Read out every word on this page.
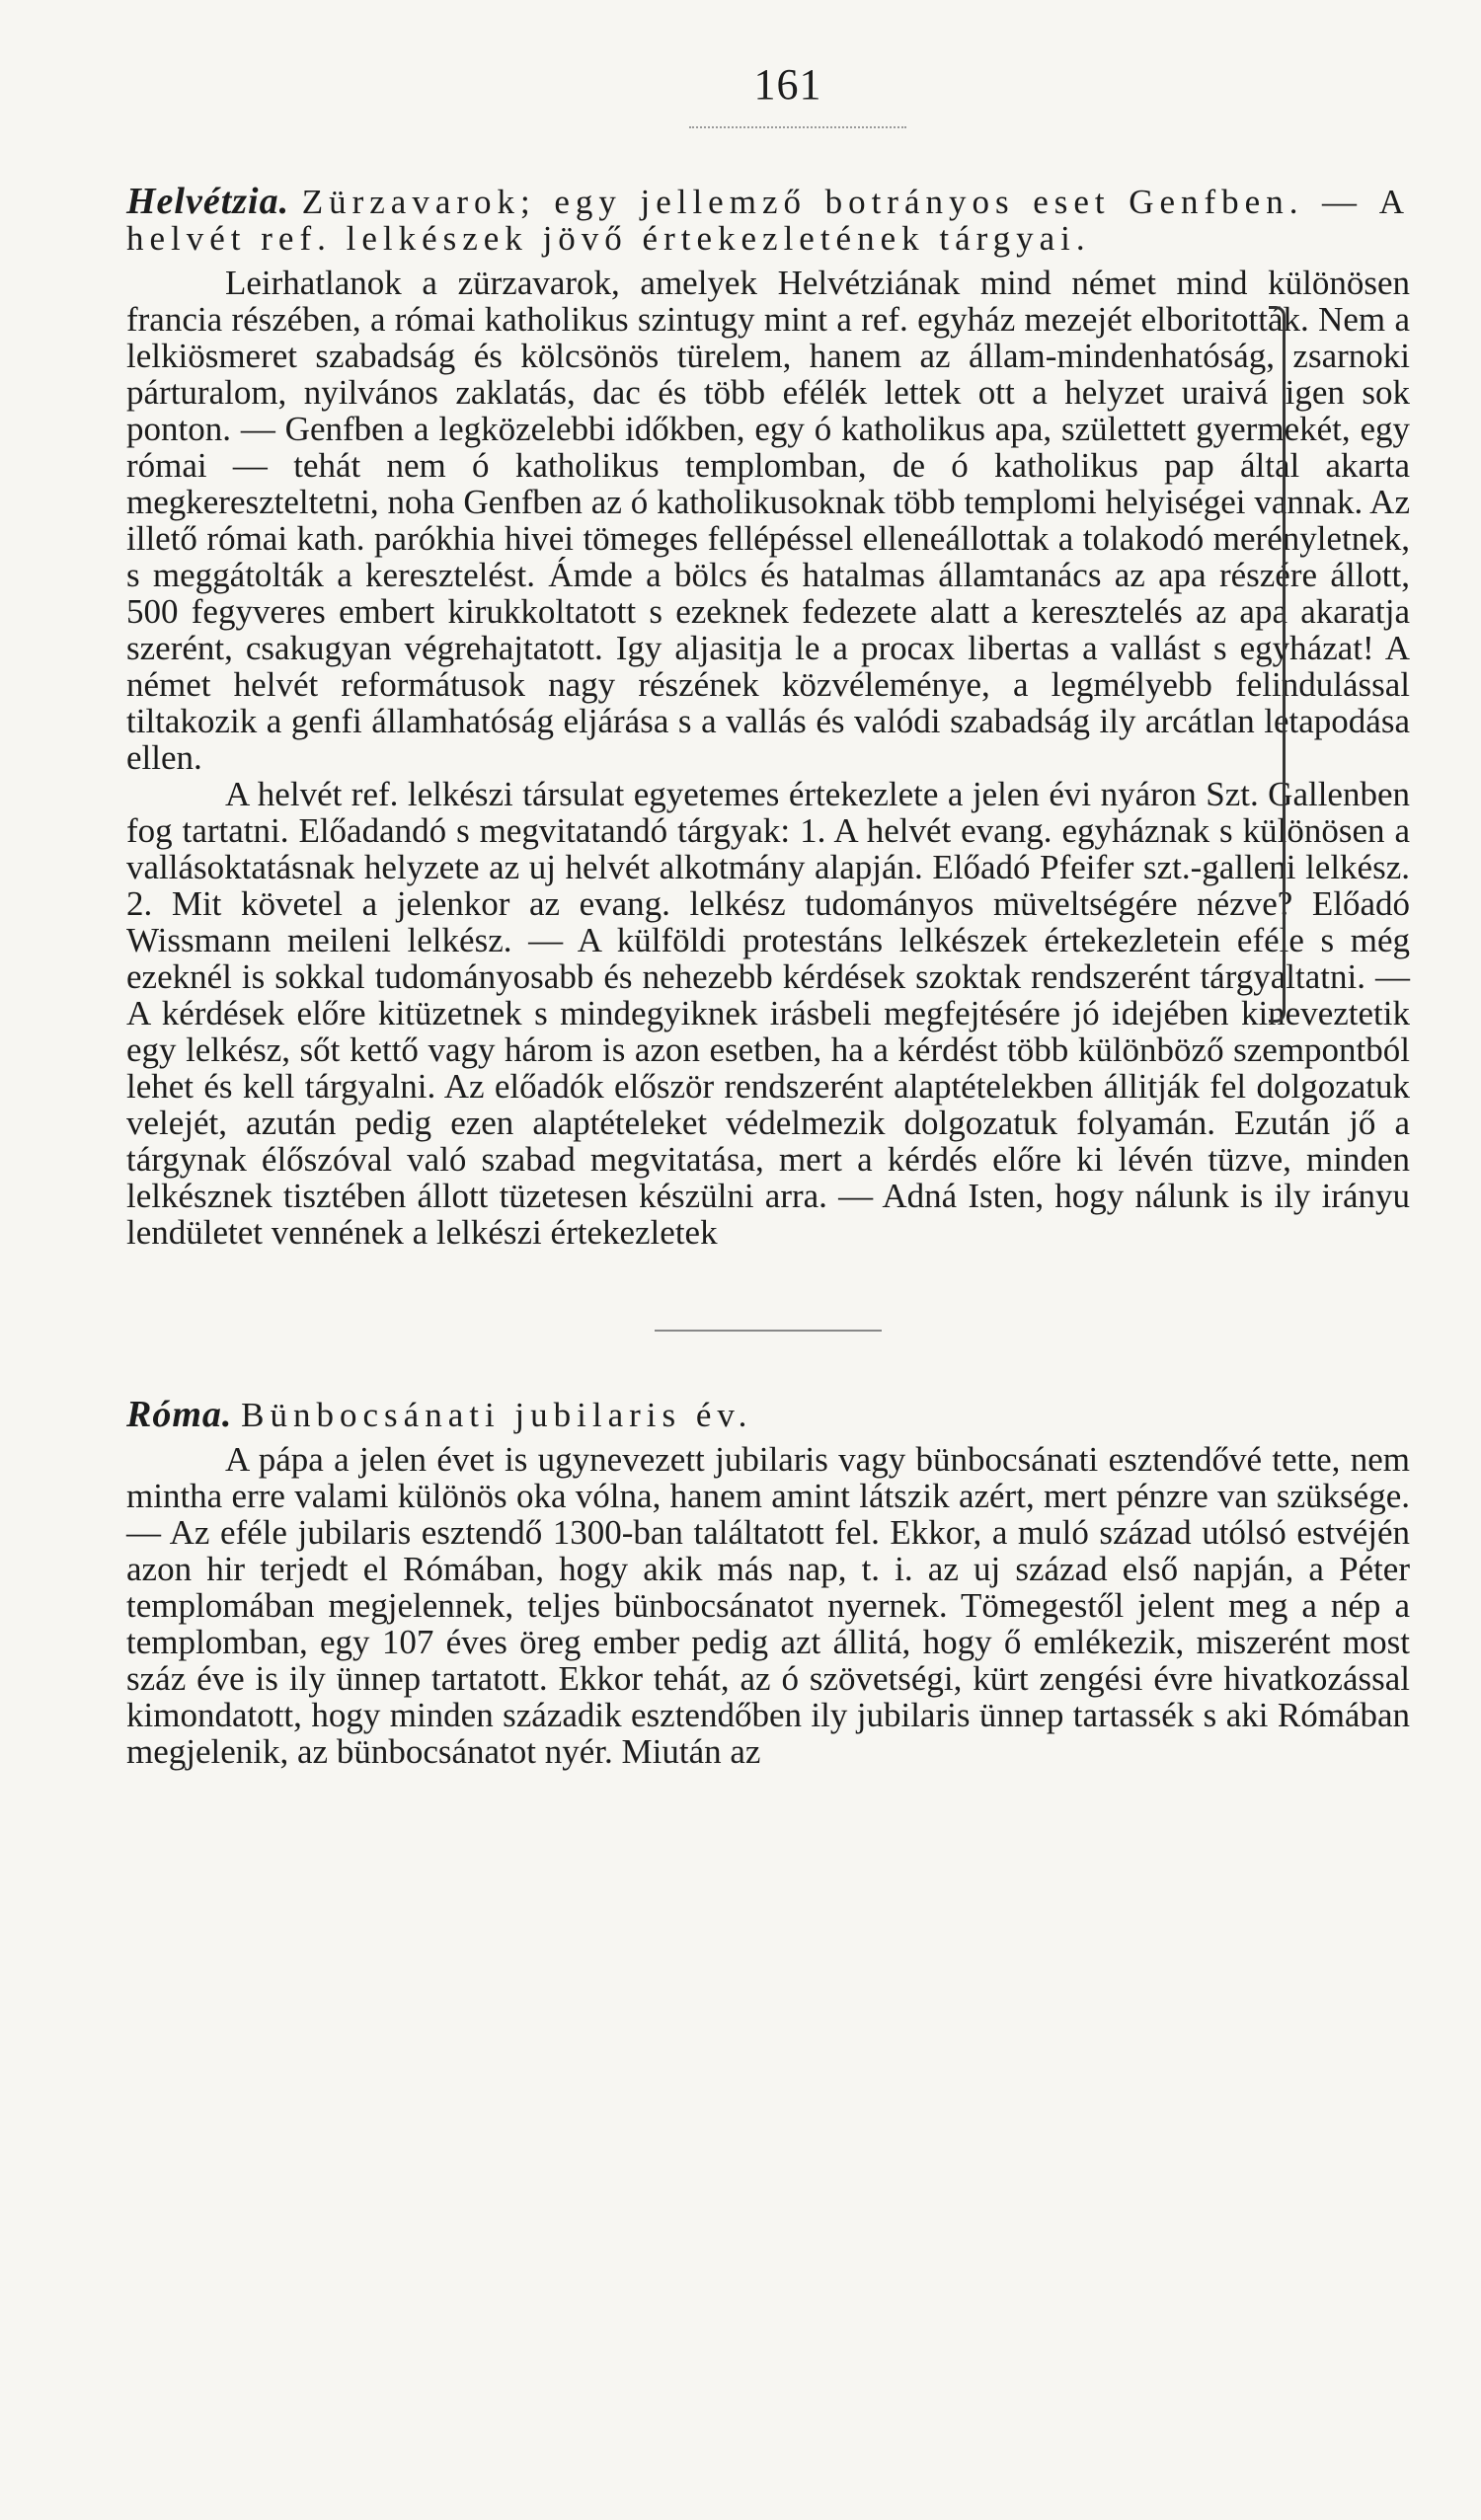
161

Helvétzia. Zürzavarok; egy jellemző botrányos eset Genfben. — A helvét ref. lelkészek jövő értekezletének tárgyai.

Leirhatlanok a zürzavarok, amelyek Helvétziának mind német mind különösen francia részében, a római katholikus szintugy mint a ref. egyház mezejét elboritották. Nem a lelkiösmeret szabadság és kölcsönös türelem, hanem az állam-mindenhatóság, zsarnoki párturalom, nyilvános zaklatás, dac és több efélék lettek ott a helyzet uraivá igen sok ponton. — Genfben a legközelebbi időkben, egy ó katholikus apa, születtett gyermekét, egy római — tehát nem ó katholikus templomban, de ó katholikus pap által akarta megkereszteltetni, noha Genfben az ó katholikusoknak több templomi helyiségei vannak. Az illető római kath. parókhia hivei tömeges fellépéssel elleneállottak a tolakodó merényletnek, s meggátolták a keresztelést. Ámde a bölcs és hatalmas államtanács az apa részére állott, 500 fegyveres embert kirukkoltatott s ezeknek fedezete alatt a keresztelés az apa akaratja szerént, csakugyan végrehajtatott. Igy aljasitja le a procax libertas a vallást s egyházat! A német helvét reformátusok nagy részének közvéleménye, a legmélyebb felindulással tiltakozik a genfi államhatóság eljárása s a vallás és valódi szabadság ily arcátlan letapodása ellen.

A helvét ref. lelkészi társulat egyetemes értekezlete a jelen évi nyáron Szt. Gallenben fog tartatni. Előadandó s megvitatandó tárgyak: 1. A helvét evang. egyháznak s különösen a vallásoktatásnak helyzete az uj helvét alkotmány alapján. Előadó Pfeifer szt.-galleni lelkész. 2. Mit követel a jelenkor az evang. lelkész tudományos müveltségére nézve? Előadó Wissmann meileni lelkész. — A külföldi protestáns lelkészek értekezletein eféle s még ezeknél is sokkal tudományosabb és nehezebb kérdések szoktak rendszerént tárgyaltatni. — A kérdések előre kitüzetnek s mindegyiknek irásbeli megfejtésére jó idejében kineveztetik egy lelkész, sőt kettő vagy három is azon esetben, ha a kérdést több különböző szempontból lehet és kell tárgyalni. Az előadók először rendszerént alaptételekben állitják fel dolgozatuk velejét, azután pedig ezen alaptételeket védelmezik dolgozatuk folyamán. Ezután jő a tárgynak élőszóval való szabad megvitatása, mert a kérdés előre ki lévén tüzve, minden lelkésznek tisztében állott tüzetesen készülni arra. — Adná Isten, hogy nálunk is ily irányu lendületet vennének a lelkészi értekezletek

Róma. Bünbocsánati jubilaris év.

A pápa a jelen évet is ugynevezett jubilaris vagy bünbocsánati esztendővé tette, nem mintha erre valami különös oka vólna, hanem amint látszik azért, mert pénzre van szüksége. — Az eféle jubilaris esztendő 1300-ban találtatott fel. Ekkor, a muló század utólsó estvéjén azon hir terjedt el Rómában, hogy akik más nap, t. i. az uj század első napján, a Péter templomában megjelennek, teljes bünbocsánatot nyernek. Tömegestől jelent meg a nép a templomban, egy 107 éves öreg ember pedig azt állitá, hogy ő emlékezik, miszerént most száz éve is ily ünnep tartatott. Ekkor tehát, az ó szövetségi, kürt zengési évre hivatkozással kimondatott, hogy minden századik esztendőben ily jubilaris ünnep tartassék s aki Rómában megjelenik, az bünbocsánatot nyér. Miután az
